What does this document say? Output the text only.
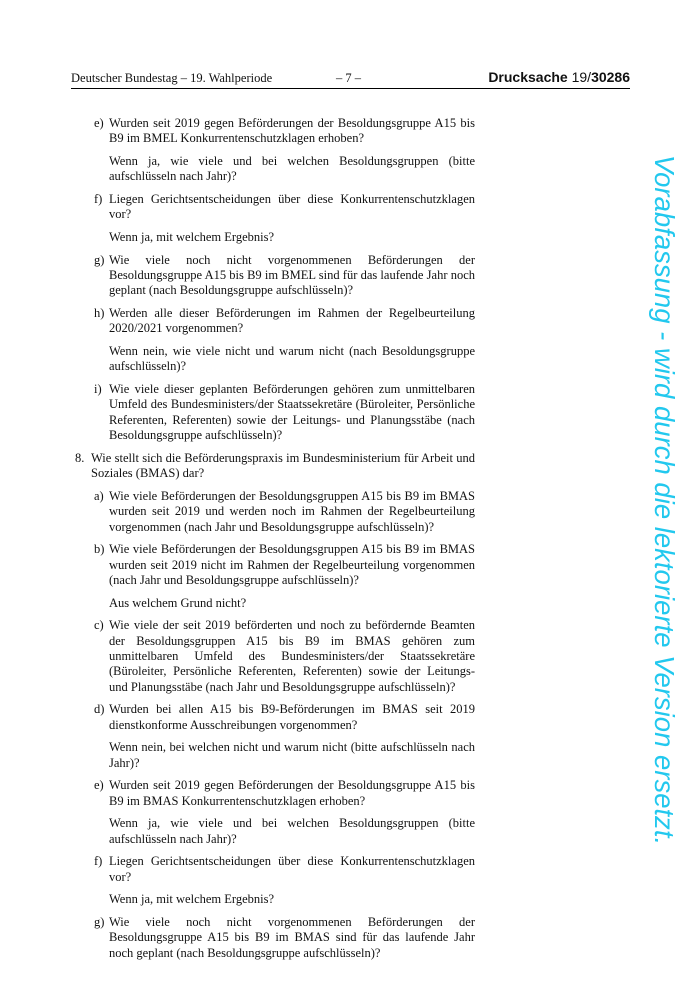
Deutscher Bundestag – 19. Wahlperiode	– 7 –	Drucksache 19/30286
e) Wurden seit 2019 gegen Beförderungen der Besoldungsgruppe A15 bis B9 im BMEL Konkurrentenschutzklagen erhoben?
Wenn ja, wie viele und bei welchen Besoldungsgruppen (bitte aufschlüsseln nach Jahr)?
f) Liegen Gerichtsentscheidungen über diese Konkurrentenschutzklagen vor?
Wenn ja, mit welchem Ergebnis?
g) Wie viele noch nicht vorgenommenen Beförderungen der Besoldungsgruppe A15 bis B9 im BMEL sind für das laufende Jahr noch geplant (nach Besoldungsgruppe aufschlüsseln)?
h) Werden alle dieser Beförderungen im Rahmen der Regelbeurteilung 2020/2021 vorgenommen?
Wenn nein, wie viele nicht und warum nicht (nach Besoldungsgruppe aufschlüsseln)?
i) Wie viele dieser geplanten Beförderungen gehören zum unmittelbaren Umfeld des Bundesministers/der Staatssekretäre (Büroleiter, Persönliche Referenten, Referenten) sowie der Leitungs- und Planungsstäbe (nach Besoldungsgruppe aufschlüsseln)?
8. Wie stellt sich die Beförderungspraxis im Bundesministerium für Arbeit und Soziales (BMAS) dar?
a) Wie viele Beförderungen der Besoldungsgruppen A15 bis B9 im BMAS wurden seit 2019 und werden noch im Rahmen der Regelbeurteilung vorgenommen (nach Jahr und Besoldungsgruppe aufschlüsseln)?
b) Wie viele Beförderungen der Besoldungsgruppen A15 bis B9 im BMAS wurden seit 2019 nicht im Rahmen der Regelbeurteilung vorgenommen (nach Jahr und Besoldungsgruppe aufschlüsseln)?
Aus welchem Grund nicht?
c) Wie viele der seit 2019 beförderten und noch zu befördernde Beamten der Besoldungsgruppen A15 bis B9 im BMAS gehören zum unmittelbaren Umfeld des Bundesministers/der Staatssekretäre (Büroleiter, Persönliche Referenten, Referenten) sowie der Leitungs- und Planungsstäbe (nach Jahr und Besoldungsgruppe aufschlüsseln)?
d) Wurden bei allen A15 bis B9-Beförderungen im BMAS seit 2019 dienstkonforme Ausschreibungen vorgenommen?
Wenn nein, bei welchen nicht und warum nicht (bitte aufschlüsseln nach Jahr)?
e) Wurden seit 2019 gegen Beförderungen der Besoldungsgruppe A15 bis B9 im BMAS Konkurrentenschutzklagen erhoben?
Wenn ja, wie viele und bei welchen Besoldungsgruppen (bitte aufschlüsseln nach Jahr)?
f) Liegen Gerichtsentscheidungen über diese Konkurrentenschutzklagen vor?
Wenn ja, mit welchem Ergebnis?
g) Wie viele noch nicht vorgenommenen Beförderungen der Besoldungsgruppe A15 bis B9 im BMAS sind für das laufende Jahr noch geplant (nach Besoldungsgruppe aufschlüsseln)?
Vorabfassung - wird durch die lektorierte Version ersetzt.
